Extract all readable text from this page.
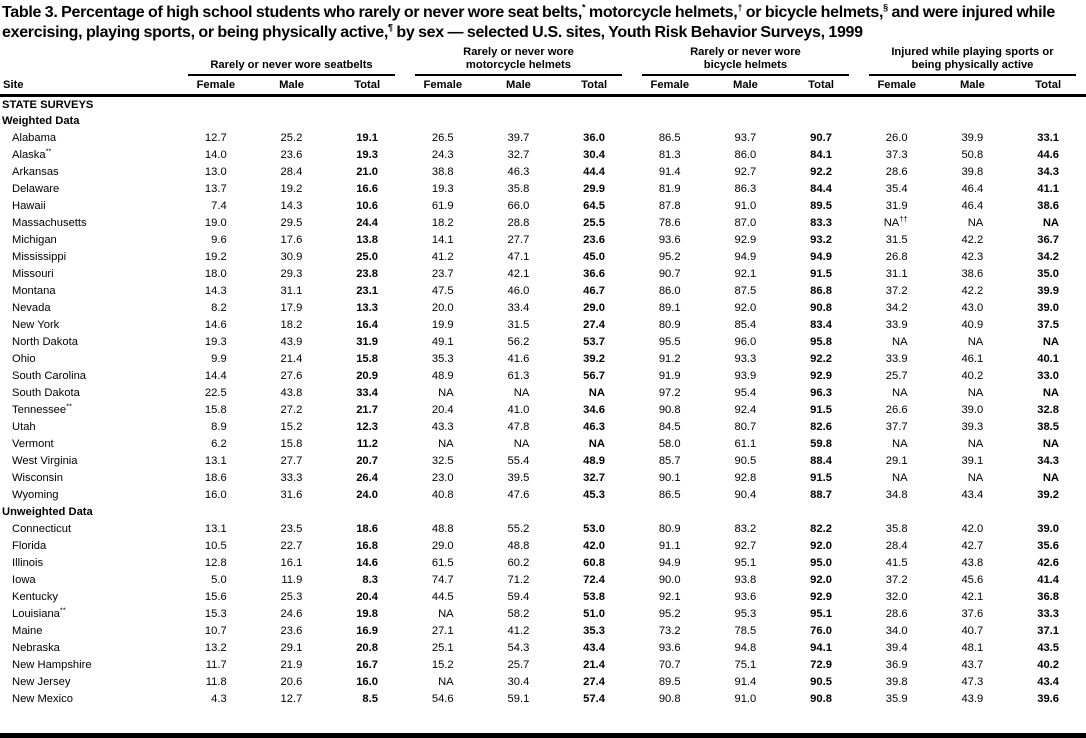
Table 3. Percentage of high school students who rarely or never wore seat belts,* motorcycle helmets,† or bicycle helmets,§ and were injured while exercising, playing sports, or being physically active,¶ by sex — selected U.S. sites, Youth Risk Behavior Surveys, 1999

	Rarely or never wore seatbelts			Rarely or never wore
motorcycle helmets			Rarely or never wore
bicycle helmets			Injured while playing sports or
being physically active		

Site	Female	Male	Total	Female	Male	Total	Female	Male	Total	Female	Male	Total
STATE SURVEYS												
Weighted Data												
Alabama	12.7	25.2	19.1	26.5	39.7	36.0	86.5	93.7	90.7	26.0	39.9	33.1
Alaska**	14.0	23.6	19.3	24.3	32.7	30.4	81.3	86.0	84.1	37.3	50.8	44.6
Arkansas	13.0	28.4	21.0	38.8	46.3	44.4	91.4	92.7	92.2	28.6	39.8	34.3
Delaware	13.7	19.2	16.6	19.3	35.8	29.9	81.9	86.3	84.4	35.4	46.4	41.1
Hawaii	7.4	14.3	10.6	61.9	66.0	64.5	87.8	91.0	89.5	31.9	46.4	38.6
Massachusetts	19.0	29.5	24.4	18.2	28.8	25.5	78.6	87.0	83.3	NA††	NA	NA
Michigan	9.6	17.6	13.8	14.1	27.7	23.6	93.6	92.9	93.2	31.5	42.2	36.7
Mississippi	19.2	30.9	25.0	41.2	47.1	45.0	95.2	94.9	94.9	26.8	42.3	34.2
Missouri	18.0	29.3	23.8	23.7	42.1	36.6	90.7	92.1	91.5	31.1	38.6	35.0
Montana	14.3	31.1	23.1	47.5	46.0	46.7	86.0	87.5	86.8	37.2	42.2	39.9
Nevada	8.2	17.9	13.3	20.0	33.4	29.0	89.1	92.0	90.8	34.2	43.0	39.0
New York	14.6	18.2	16.4	19.9	31.5	27.4	80.9	85.4	83.4	33.9	40.9	37.5
North Dakota	19.3	43.9	31.9	49.1	56.2	53.7	95.5	96.0	95.8	NA	NA	NA
Ohio	9.9	21.4	15.8	35.3	41.6	39.2	91.2	93.3	92.2	33.9	46.1	40.1
South Carolina	14.4	27.6	20.9	48.9	61.3	56.7	91.9	93.9	92.9	25.7	40.2	33.0
South Dakota	22.5	43.8	33.4	NA	NA	NA	97.2	95.4	96.3	NA	NA	NA
Tennessee**	15.8	27.2	21.7	20.4	41.0	34.6	90.8	92.4	91.5	26.6	39.0	32.8
Utah	8.9	15.2	12.3	43.3	47.8	46.3	84.5	80.7	82.6	37.7	39.3	38.5
Vermont	6.2	15.8	11.2	NA	NA	NA	58.0	61.1	59.8	NA	NA	NA
West Virginia	13.1	27.7	20.7	32.5	55.4	48.9	85.7	90.5	88.4	29.1	39.1	34.3
Wisconsin	18.6	33.3	26.4	23.0	39.5	32.7	90.1	92.8	91.5	NA	NA	NA
Wyoming	16.0	31.6	24.0	40.8	47.6	45.3	86.5	90.4	88.7	34.8	43.4	39.2
Unweighted Data												
Connecticut	13.1	23.5	18.6	48.8	55.2	53.0	80.9	83.2	82.2	35.8	42.0	39.0
Florida	10.5	22.7	16.8	29.0	48.8	42.0	91.1	92.7	92.0	28.4	42.7	35.6
Illinois	12.8	16.1	14.6	61.5	60.2	60.8	94.9	95.1	95.0	41.5	43.8	42.6
Iowa	5.0	11.9	8.3	74.7	71.2	72.4	90.0	93.8	92.0	37.2	45.6	41.4
Kentucky	15.6	25.3	20.4	44.5	59.4	53.8	92.1	93.6	92.9	32.0	42.1	36.8
Louisiana**	15.3	24.6	19.8	NA	58.2	51.0	95.2	95.3	95.1	28.6	37.6	33.3
Maine	10.7	23.6	16.9	27.1	41.2	35.3	73.2	78.5	76.0	34.0	40.7	37.1
Nebraska	13.2	29.1	20.8	25.1	54.3	43.4	93.6	94.8	94.1	39.4	48.1	43.5
New Hampshire	11.7	21.9	16.7	15.2	25.7	21.4	70.7	75.1	72.9	36.9	43.7	40.2
New Jersey	11.8	20.6	16.0	NA	30.4	27.4	89.5	91.4	90.5	39.8	47.3	43.4
New Mexico	4.3	12.7	8.5	54.6	59.1	57.4	90.8	91.0	90.8	35.9	43.9	39.6
